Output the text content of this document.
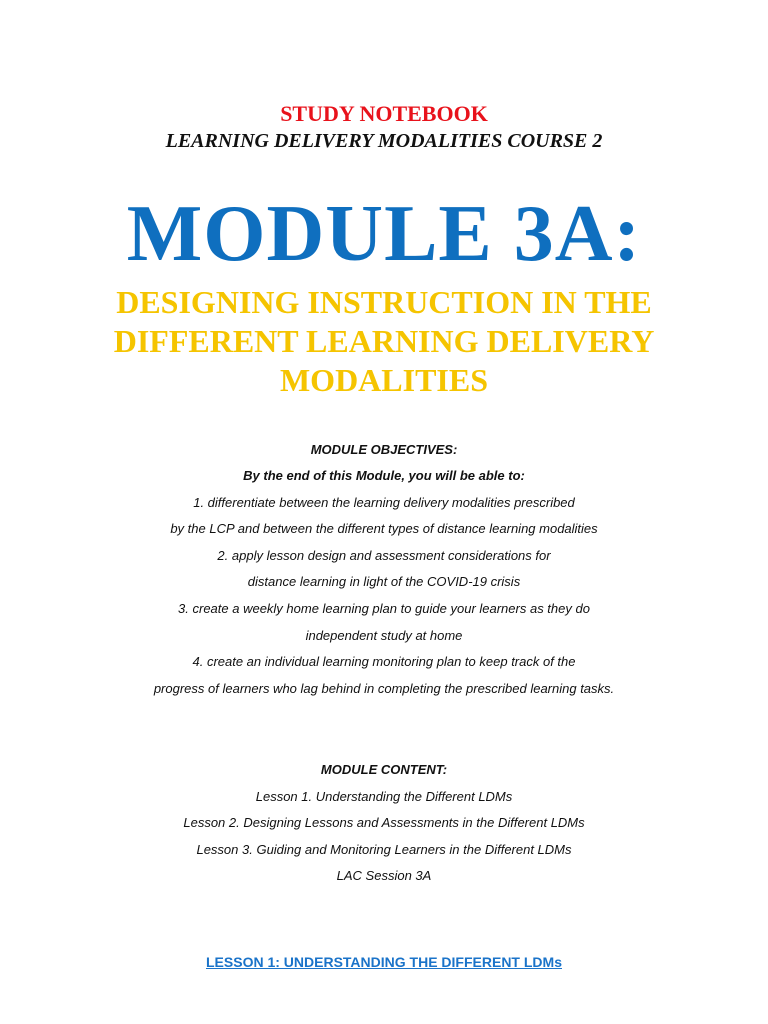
STUDY NOTEBOOK
LEARNING DELIVERY MODALITIES COURSE 2
MODULE 3A:
DESIGNING INSTRUCTION IN THE
DIFFERENT LEARNING DELIVERY
MODALITIES
MODULE OBJECTIVES:
By the end of this Module, you will be able to:
1. differentiate between the learning delivery modalities prescribed
by the LCP and between the different types of distance learning modalities
2. apply lesson design and assessment considerations for
distance learning in light of the COVID-19 crisis
3. create a weekly home learning plan to guide your learners as they do
independent study at home
4. create an individual learning monitoring plan to keep track of the
progress of learners who lag behind in completing the prescribed learning tasks.
MODULE CONTENT:
Lesson 1. Understanding the Different LDMs
Lesson 2. Designing Lessons and Assessments in the Different LDMs
Lesson 3. Guiding and Monitoring Learners in the Different LDMs
LAC Session 3A
LESSON 1: UNDERSTANDING THE DIFFERENT LDMs
